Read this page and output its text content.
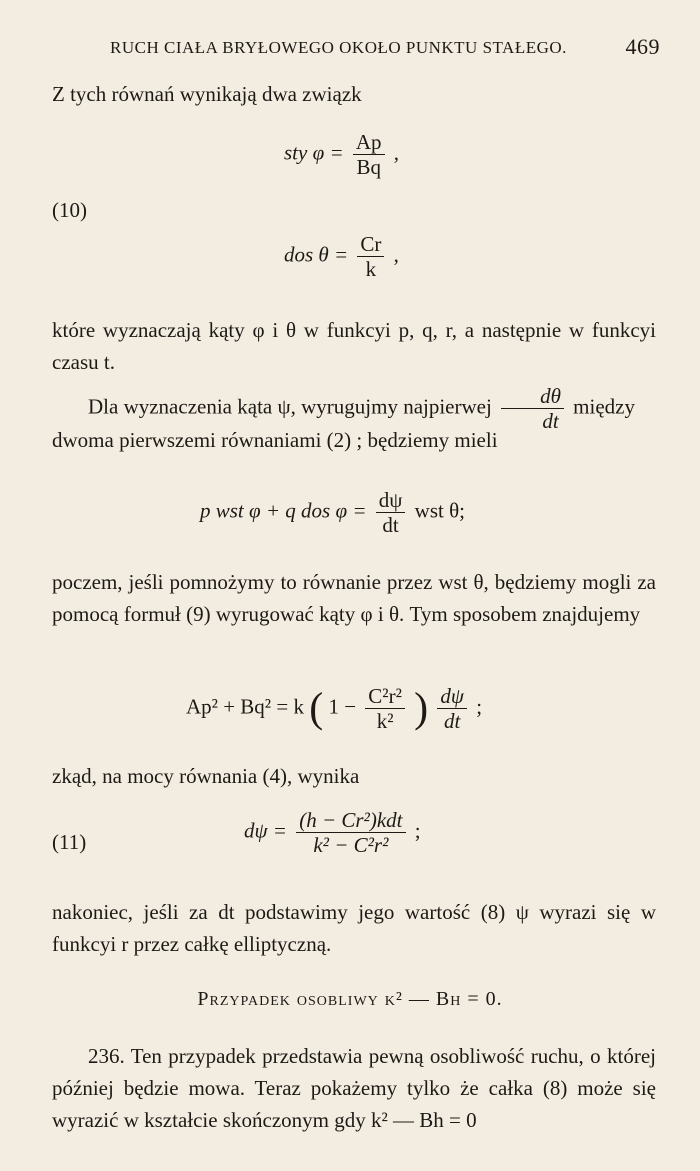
RUCH CIAŁA BRYŁOWEGO OKOŁO PUNKTU STAŁEGO.	469
Z tych równań wynikają dwa związk
(10)
sty $\varphi = \frac{Ap}{Bq}$ ,
dos $\theta = \frac{Cr}{k}$ ,
które wyznaczają kąty φ i θ w funkcyi p, q, r, a następnie w funkcyi czasu t.
Dla wyznaczenia kąta ψ, wyrugujmy najpierwej $\frac{d\theta}{dt}$ między
dwoma pierwszemi równaniami (2) ; będziemy mieli
p wst φ + q dos $\varphi = \frac{d\psi}{dt}$ wst θ;
poczem, jeśli pomnożymy to równanie przez wst θ, będziemy mogli za pomocą formuł (9) wyrugować kąty φ i θ. Tym sposobem znajdujemy
Ap² + Bq² = k ( $1 - \frac{\text{C²r²}}{\text{k²}}$ ) $\frac{d\psi}{dt}$ ;
zkąd, na mocy równania (4), wynika
(11)	$d\psi = \frac{\text{(h − Cr²)kdt}}{\text{k² − C²r²}}$ ;
nakoniec, jeśli za dt podstawimy jego wartość (8) ψ wyrazi się w funkcyi r przez całkę elliptyczną.
Przypadek osobliwy k² — Bh = 0.
236. Ten przypadek przedstawia pewną osobliwość ruchu, o której później będzie mowa. Teraz pokażemy tylko że całka (8) może się wyrazić w kształcie skończonym gdy k² — Bh = 0
